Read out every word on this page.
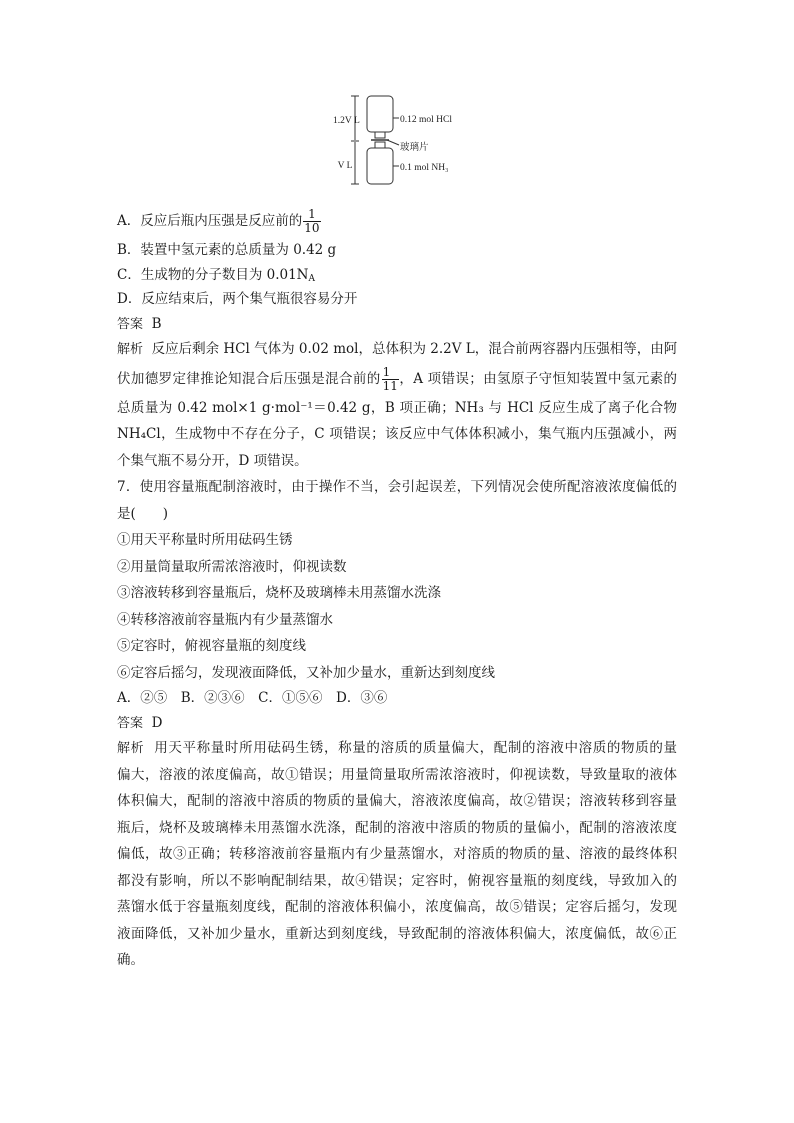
1.2V L	0.12 mol HCl
玻璃片
V L	0.1 mol NH₃
A．反应后瓶内压强是反应前的 $\frac{1}{10}$
B．装置中氢元素的总质量为 0.42 g
C．生成物的分子数目为 $0.01N_A$
D．反应结束后，两个集气瓶很容易分开
答案 B
解析 反应后剩余 HCl 气体为 0.02 mol，总体积为 2.2V L，混合前两容器内压强相等，由阿
伏加德罗定律推论知混合后压强是混合前的 $\frac{1}{11}$ ，A 项错误；由氢原子守恒知装置中氢元素的
总质量为 0.42 mol×1 g·mol⁻¹＝0.42 g，B 项正确；NH₃ 与 HCl 反应生成了离子化合物
NH₄Cl，生成物中不存在分子，C 项错误；该反应中气体体积减小，集气瓶内压强减小，两
个集气瓶不易分开，D 项错误。
7．使用容量瓶配制溶液时，由于操作不当，会引起误差，下列情况会使所配溶液浓度偏低的
是(　　)
①用天平称量时所用砝码生锈
②用量筒量取所需浓溶液时，仰视读数
③溶液转移到容量瓶后，烧杯及玻璃棒未用蒸馏水洗涤
④转移溶液前容量瓶内有少量蒸馏水
⑤定容时，俯视容量瓶的刻度线
⑥定容后摇匀，发现液面降低，又补加少量水，重新达到刻度线
A．②⑤　B．②③⑥　C．①⑤⑥　D．③⑥
答案 D
解析 用天平称量时所用砝码生锈，称量的溶质的质量偏大，配制的溶液中溶质的物质的量
偏大，溶液的浓度偏高，故①错误；用量筒量取所需浓溶液时，仰视读数，导致量取的液体
体积偏大，配制的溶液中溶质的物质的量偏大，溶液浓度偏高，故②错误；溶液转移到容量
瓶后，烧杯及玻璃棒未用蒸馏水洗涤，配制的溶液中溶质的物质的量偏小，配制的溶液浓度
偏低，故③正确；转移溶液前容量瓶内有少量蒸馏水，对溶质的物质的量、溶液的最终体积
都没有影响，所以不影响配制结果，故④错误；定容时，俯视容量瓶的刻度线，导致加入的
蒸馏水低于容量瓶刻度线，配制的溶液体积偏小，浓度偏高，故⑤错误；定容后摇匀，发现
液面降低，又补加少量水，重新达到刻度线，导致配制的溶液体积偏大，浓度偏低，故⑥正
确。
